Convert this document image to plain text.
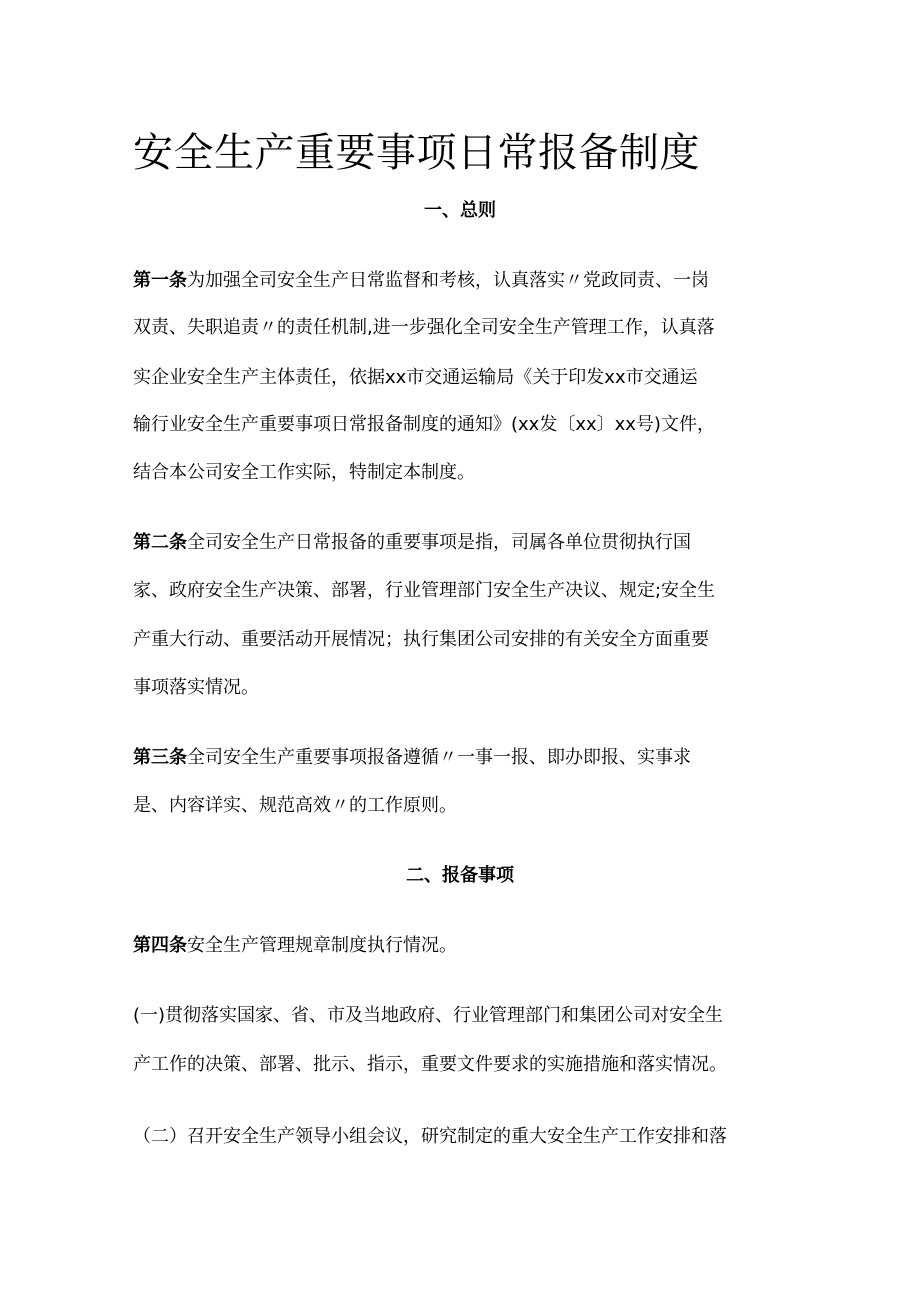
安全生产重要事项日常报备制度
一、总则

第一条为加强全司安全生产日常监督和考核，认真落实〃党政同责、一岗

双责、失职追责〃的责任机制,进一步强化全司安全生产管理工作，认真落

实企业安全生产主体责任，依据xx市交通运输局《关于印发xx市交通运

输行业安全生产重要事项日常报备制度的通知》(xx发〔xx〕xx号)文件，

结合本公司安全工作实际，特制定本制度。

第二条全司安全生产日常报备的重要事项是指，司属各单位贯彻执行国

家、政府安全生产决策、部署，行业管理部门安全生产决议、规定;安全生

产重大行动、重要活动开展情况；执行集团公司安排的有关安全方面重要

事项落实情况。

第三条全司安全生产重要事项报备遵循〃一事一报、即办即报、实事求

是、内容详实、规范高效〃的工作原则。

二、报备事项

第四条安全生产管理规章制度执行情况。

(一)贯彻落实国家、省、市及当地政府、行业管理部门和集团公司对安全生

产工作的决策、部署、批示、指示，重要文件要求的实施措施和落实情况。

（二）召开安全生产领导小组会议，研究制定的重大安全生产工作安排和落
